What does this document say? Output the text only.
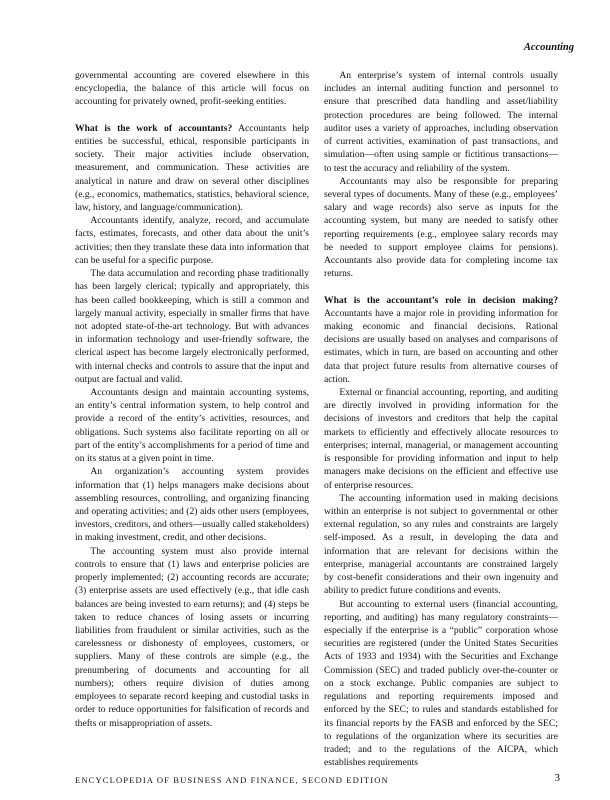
Accounting

governmental accounting are covered elsewhere in this encyclopedia, the balance of this article will focus on accounting for privately owned, profit-seeking entities.

What is the work of accountants? Accountants help entities be successful, ethical, responsible participants in society. Their major activities include observation, measurement, and communication. These activities are analytical in nature and draw on several other disciplines (e.g., economics, mathematics, statistics, behavioral science, law, history, and language/communication).

Accountants identify, analyze, record, and accumulate facts, estimates, forecasts, and other data about the unit’s activities; then they translate these data into information that can be useful for a specific purpose.

The data accumulation and recording phase traditionally has been largely clerical; typically and appropriately, this has been called bookkeeping, which is still a common and largely manual activity, especially in smaller firms that have not adopted state-of-the-art technology. But with advances in information technology and user-friendly software, the clerical aspect has become largely electronically performed, with internal checks and controls to assure that the input and output are factual and valid.

Accountants design and maintain accounting systems, an entity’s central information system, to help control and provide a record of the entity’s activities, resources, and obligations. Such systems also facilitate reporting on all or part of the entity’s accomplishments for a period of time and on its status at a given point in time.

An organization’s accounting system provides information that (1) helps managers make decisions about assembling resources, controlling, and organizing financing and operating activities; and (2) aids other users (employees, investors, creditors, and others—usually called stakeholders) in making investment, credit, and other decisions.

The accounting system must also provide internal controls to ensure that (1) laws and enterprise policies are properly implemented; (2) accounting records are accurate; (3) enterprise assets are used effectively (e.g., that idle cash balances are being invested to earn returns); and (4) steps be taken to reduce chances of losing assets or incurring liabilities from fraudulent or similar activities, such as the carelessness or dishonesty of employees, customers, or suppliers. Many of these controls are simple (e.g., the prenumbering of documents and accounting for all numbers); others require division of duties among employees to separate record keeping and custodial tasks in order to reduce opportunities for falsification of records and thefts or misappropriation of assets.

An enterprise’s system of internal controls usually includes an internal auditing function and personnel to ensure that prescribed data handling and asset/liability protection procedures are being followed. The internal auditor uses a variety of approaches, including observation of current activities, examination of past transactions, and simulation—often using sample or fictitious transactions—to test the accuracy and reliability of the system.

Accountants may also be responsible for preparing several types of documents. Many of these (e.g., employees’ salary and wage records) also serve as inputs for the accounting system, but many are needed to satisfy other reporting requirements (e.g., employee salary records may be needed to support employee claims for pensions). Accountants also provide data for completing income tax returns.

What is the accountant’s role in decision making? Accountants have a major role in providing information for making economic and financial decisions. Rational decisions are usually based on analyses and comparisons of estimates, which in turn, are based on accounting and other data that project future results from alternative courses of action.

External or financial accounting, reporting, and auditing are directly involved in providing information for the decisions of investors and creditors that help the capital markets to efficiently and effectively allocate resources to enterprises; internal, managerial, or management accounting is responsible for providing information and input to help managers make decisions on the efficient and effective use of enterprise resources.

The accounting information used in making decisions within an enterprise is not subject to governmental or other external regulation, so any rules and constraints are largely self-imposed. As a result, in developing the data and information that are relevant for decisions within the enterprise, managerial accountants are constrained largely by cost-benefit considerations and their own ingenuity and ability to predict future conditions and events.

But accounting to external users (financial accounting, reporting, and auditing) has many regulatory constraints—especially if the enterprise is a “public” corporation whose securities are registered (under the United States Securities Acts of 1933 and 1934) with the Securities and Exchange Commission (SEC) and traded publicly over-the-counter or on a stock exchange. Public companies are subject to regulations and reporting requirements imposed and enforced by the SEC; to rules and standards established for its financial reports by the FASB and enforced by the SEC; to regulations of the organization where its securities are traded; and to the regulations of the AICPA, which establishes requirements

ENCYCLOPEDIA OF BUSINESS AND FINANCE, SECOND EDITION	3
